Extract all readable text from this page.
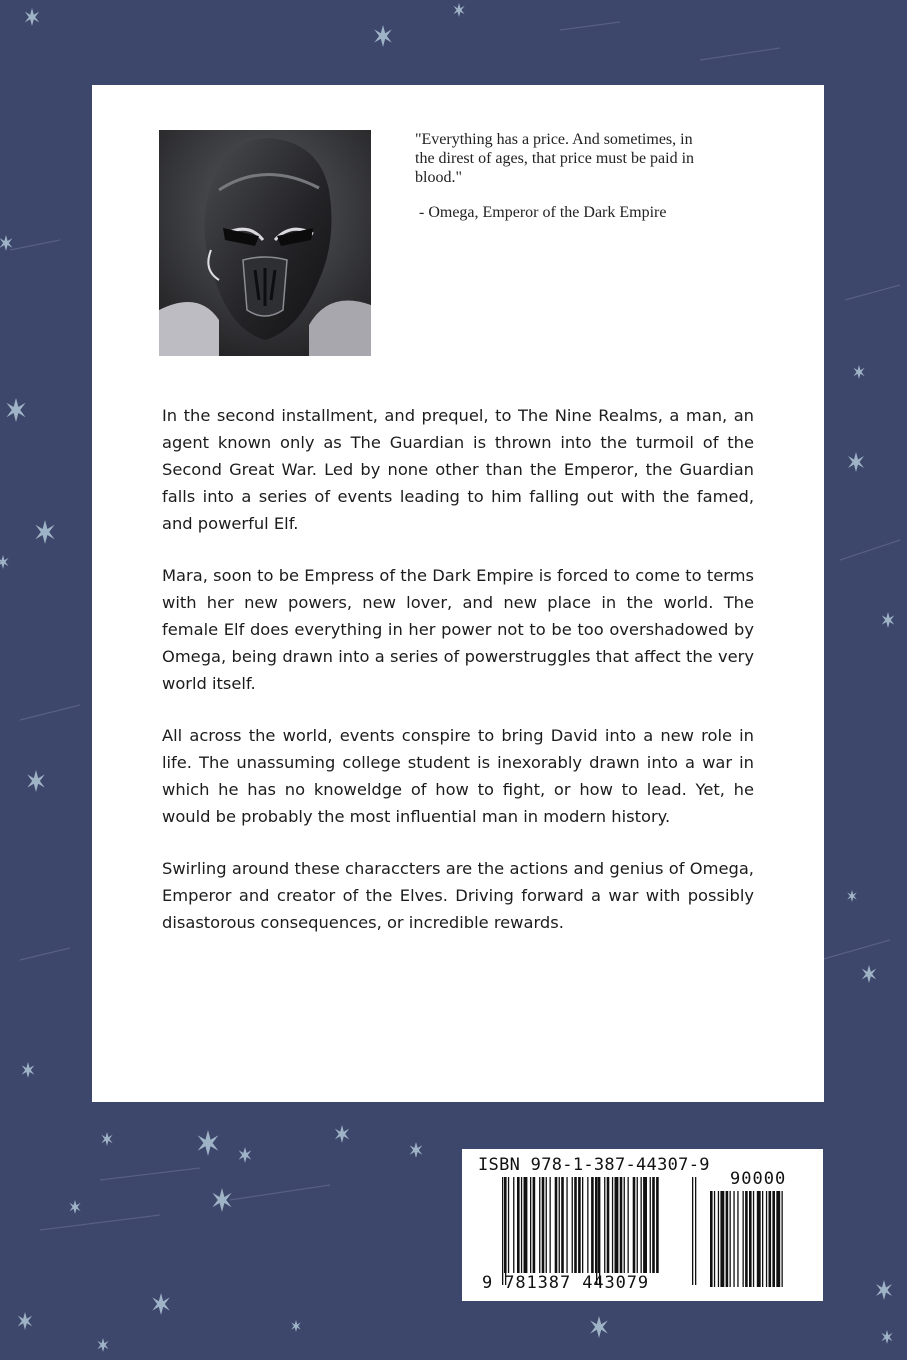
"Everything has a price. And sometimes, in the direst of ages, that price must be paid in blood."

- Omega, Emperor of the Dark Empire

In the second installment, and prequel, to The Nine Realms, a man, an agent known only as The Guardian is thrown into the turmoil of the Second Great War. Led by none other than the Emperor, the Guardian falls into a series of events leading to him falling out with the famed, and powerful Elf.

Mara, soon to be Empress of the Dark Empire is forced to come to terms with her new powers, new lover, and new place in the world. The female Elf does everything in her power not to be too overshadowed by Omega, being drawn into a series of powerstruggles that affect the very world itself.

All across the world, events conspire to bring David into a new role in life. The unassuming college student is inexorably drawn into a war in which he has no knoweldge of how to fight, or how to lead. Yet, he would be probably the most influential man in modern history.

Swirling around these characcters are the actions and genius of Omega, Emperor and creator of the Elves. Driving forward a war with possibly disastorous consequences, or incredible rewards.

ISBN 978-1-387-44307-9
90000
9 781387 443079
